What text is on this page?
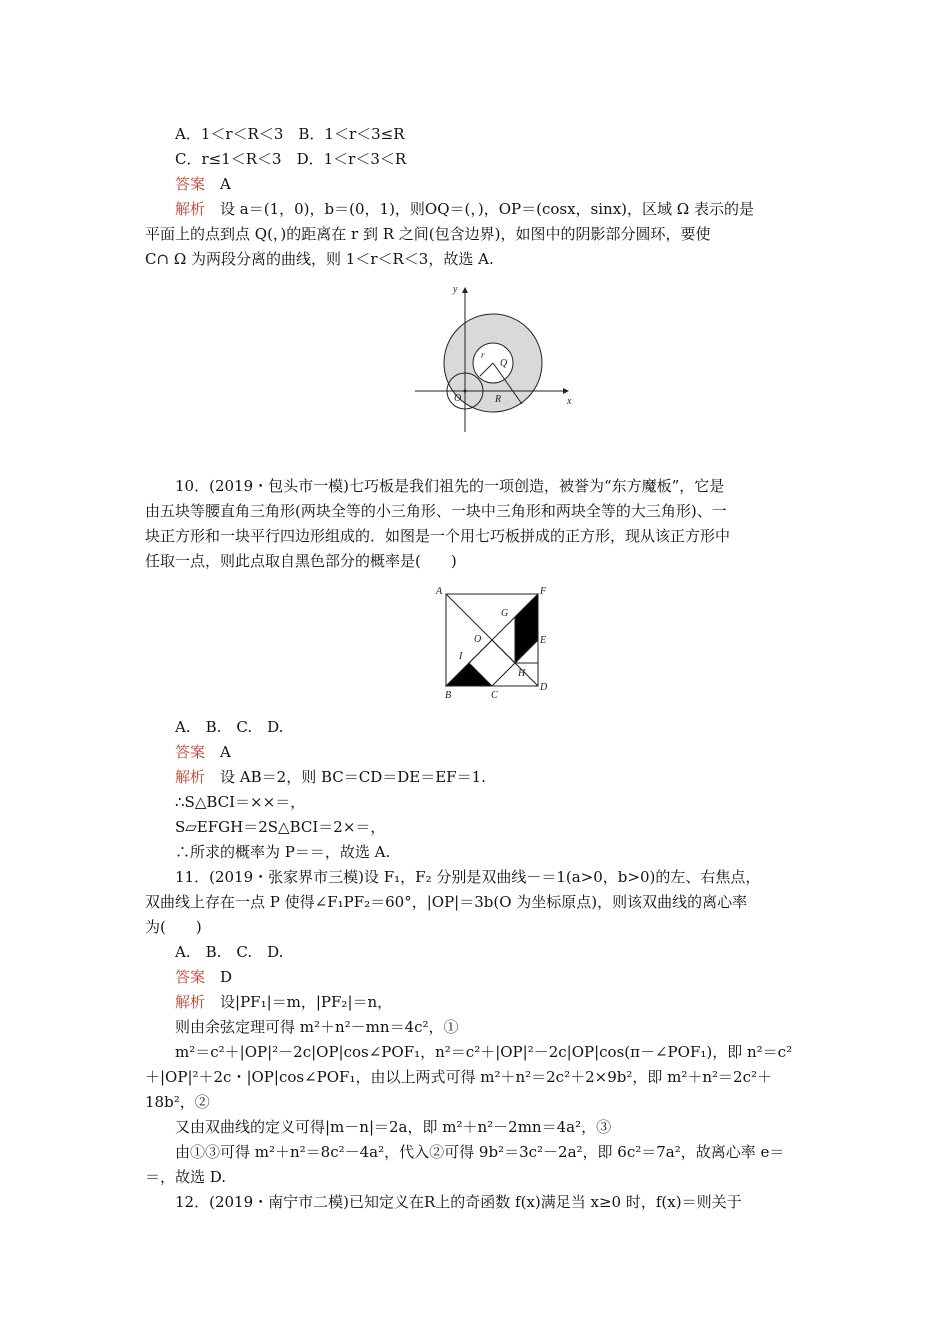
A．1＜r＜R＜3　B．1＜r＜3≤R
C．r≤1＜R＜3　D．1＜r＜3＜R
答案　 A
解析　 设 a＝(1，0)，b＝(0，1)，则OQ＝(，)，OP＝(cosx，sinx)，区域 Ω 表示的是
平面上的点到点 Q(，)的距离在 r 到 R 之间(包含边界)，如图中的阴影部分圆环，要使
C∩ Ω 为两段分离的曲线，则 1＜r＜R＜3，故选 A.
y
x
O
Q
r
R
10．(2019・包头市一模)七巧板是我们祖先的一项创造，被誉为“东方魔板”，它是
由五块等腰直角三角形(两块全等的小三角形、一块中三角形和两块全等的大三角形)、一
块正方形和一块平行四边形组成的．如图是一个用七巧板拼成的正方形，现从该正方形中
任取一点，则此点取自黑色部分的概率是(　　)
A	F
G
O	E
I
H
B	C
D
A.　B.　C.　D.
答案　 A
解析　 设 AB＝2，则 BC＝CD＝DE＝EF＝1.
∴S△BCI＝××＝，
S▱EFGH＝2S△BCI＝2×＝，
∴所求的概率为 P＝＝，故选 A.
11．(2019・张家界市三模)设 F₁，F₂ 分别是双曲线－＝1(a>0，b>0)的左、右焦点，
双曲线上存在一点 P 使得∠F₁PF₂＝60°，|OP|＝3b(O 为坐标原点)，则该双曲线的离心率
为(　　)
A.　B.　C.　D.
答案　 D
解析　 设|PF₁|＝m，|PF₂|＝n，
则由余弦定理可得 m²＋n²－mn＝4c²，①
m²＝c²＋|OP|²－2c|OP|cos∠POF₁，n²＝c²＋|OP|²－2c|OP|cos(π－∠POF₁)，即 n²＝c²
＋|OP|²＋2c・|OP|cos∠POF₁，由以上两式可得 m²＋n²＝2c²＋2×9b²，即 m²＋n²＝2c²＋
18b²，②
又由双曲线的定义可得|m－n|＝2a，即 m²＋n²－2mn＝4a²，③
由①③可得 m²＋n²＝8c²－4a²，代入②可得 9b²＝3c²－2a²，即 6c²＝7a²，故离心率 e＝
＝，故选 D.
12．(2019・南宁市二模)已知定义在R上的奇函数 f(x)满足当 x≥0 时，f(x)＝则关于
